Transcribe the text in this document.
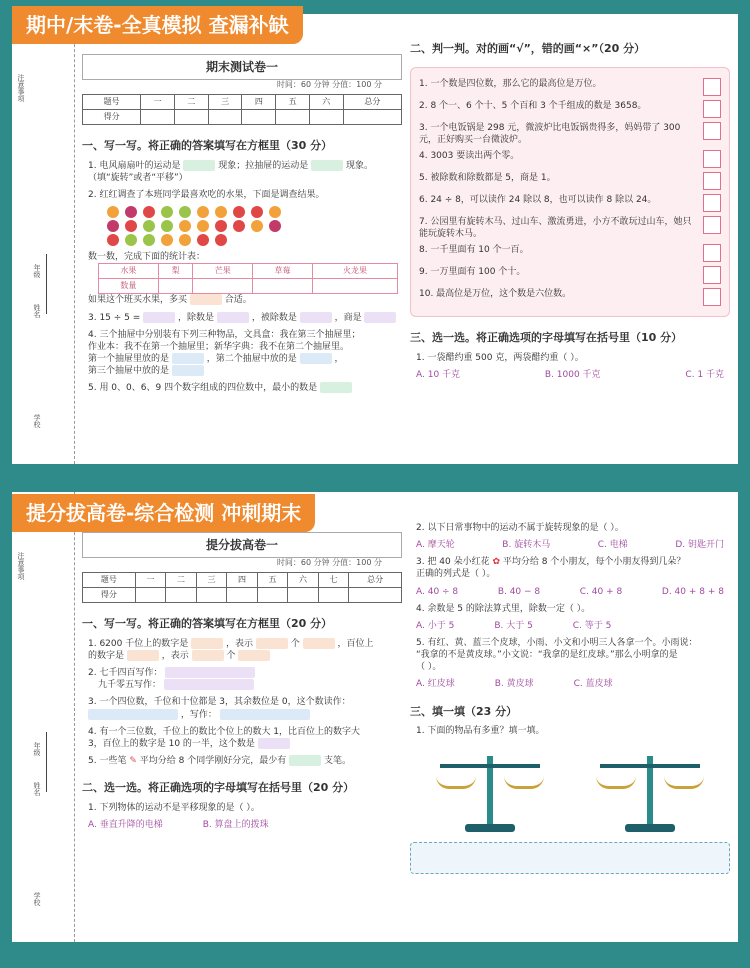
注意事项
年级
姓名
学校
期末测试卷一
时间：60 分钟 分值：100 分
题号	一	二	三	四	五	六	总分
得分							
一、写一写。将正确的答案填写在方框里（30 分）
1. 电风扇扇叶的运动是	现象；拉抽屉的运动是	现象。
（填“旋转”或者“平移”）
2. 红红调查了本班同学最喜欢吃的水果，下面是调查结果。
数一数，完成下面的统计表：
水果	梨	芒果	草莓	火龙果
数量				
如果这个班买水果，多买	合适。
3. 15 ÷ 5 =	，除数是	，被除数是	，商是
4. 三个抽屉中分别装有下列三种物品，文具盒：我在第三个抽屉里；
作业本：我不在第一个抽屉里；新华字典：我不在第二个抽屉里。
第一个抽屉里放的是	，第二个抽屉中放的是	，
第三个抽屉中放的是
5. 用 0、0、6、9 四个数字组成的四位数中，最小的数是
二、判一判。对的画“√”，错的画“×”（20 分）
1. 一个数是四位数，那么它的最高位是万位。
2. 8 个一、6 个十、5 个百和 3 个千组成的数是 3658。
3. 一个电饭锅是 298 元，微波炉比电饭锅贵得多，妈妈带了 300 元，正好购买一台微波炉。
4. 3003 要读出两个零。
5. 被除数和除数都是 5，商是 1。
6. 24 ÷ 8，可以读作 24 除以 8，也可以读作 8 除以 24。
7. 公园里有旋转木马、过山车、激流勇进，小方不敢玩过山车，她只能玩旋转木马。
8. 一千里面有 10 个一百。
9. 一万里面有 100 个十。
10. 最高位是万位，这个数是六位数。
三、选一选。将正确选项的字母填写在括号里（10 分）
1. 一袋醋约重 500 克，两袋醋约重（ ）。
A. 10 千克	B. 1000 千克	C. 1 千克
注意事项
年级
姓名
学校
提分拔高卷一
时间：60 分钟 分值：100 分
题号	一	二	三	四	五	六	七	总分
得分								
一、写一写。将正确的答案填写在方框里（20 分）
1. 6200 千位上的数字是	，表示	个	，百位上
的数字是	，表示	个
2. 七千四百写作：
九千零五写作：
3. 一个四位数，千位和十位都是 3，其余数位是 0，这个数读作：
，写作：
4. 有一个三位数，千位上的数比个位上的数大 1，比百位上的数字大
3，百位上的数字是 10 的一半，这个数是
5. 一些笔 ✎ 平均分给 8 个同学刚好分完，最少有	支笔。
二、选一选。将正确选项的字母填写在括号里（20 分）
1. 下列物体的运动不是平移现象的是（ ）。
A. 垂直升降的电梯	B. 算盘上的拨珠
2. 以下日常事物中的运动不属于旋转现象的是（ ）。
A. 摩天轮	B. 旋转木马	C. 电梯	D. 钥匙开门
3. 把 40 朵小红花 ✿ 平均分给 8 个小朋友，每个小朋友得到几朵？
正确的列式是（ ）。
A. 40 ÷ 8	B. 40 − 8	C. 40 + 8	D. 40 + 8 + 8
4. 余数是 5 的除法算式里，除数一定（ ）。
A. 小于 5	B. 大于 5	C. 等于 5
5. 有红、黄、蓝三个皮球，小雨、小文和小明三人各拿一个。小雨说：
“我拿的不是黄皮球。”小文说：“我拿的是红皮球。”那么小明拿的是
（ ）。
A. 红皮球	B. 黄皮球	C. 蓝皮球
三、填一填（23 分）
1. 下面的物品有多重？填一填。
期中/末卷-全真模拟 查漏补缺
提分拔高卷-综合检测 冲刺期末
